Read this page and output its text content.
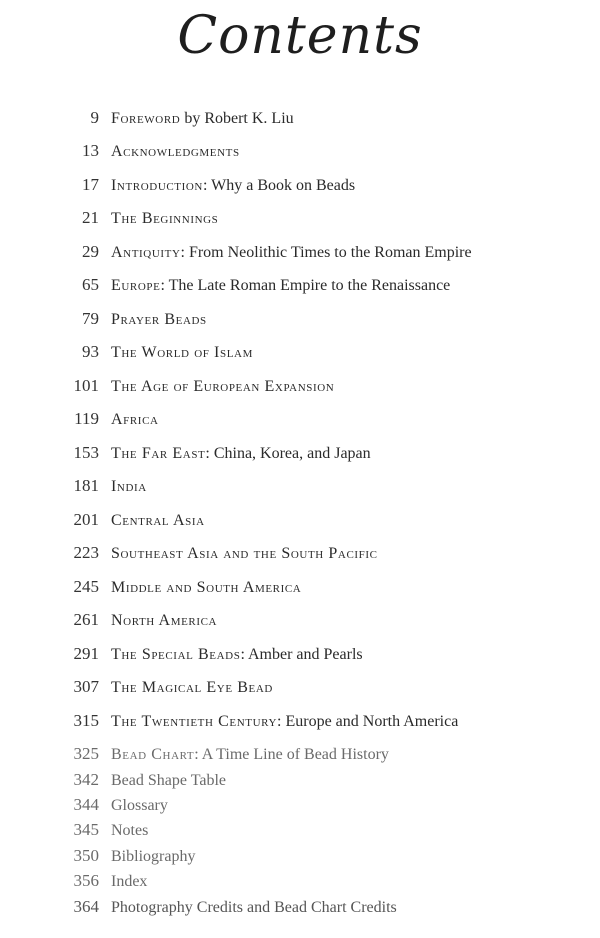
Contents
9 Foreword by Robert K. Liu
13 Acknowledgments
17 Introduction: Why a Book on Beads
21 The Beginnings
29 Antiquity: From Neolithic Times to the Roman Empire
65 Europe: The Late Roman Empire to the Renaissance
79 Prayer Beads
93 The World of Islam
101 The Age of European Expansion
119 Africa
153 The Far East: China, Korea, and Japan
181 India
201 Central Asia
223 Southeast Asia and the South Pacific
245 Middle and South America
261 North America
291 The Special Beads: Amber and Pearls
307 The Magical Eye Bead
315 The Twentieth Century: Europe and North America
325 Bead Chart: A Time Line of Bead History
342 Bead Shape Table
344 Glossary
345 Notes
350 Bibliography
356 Index
364 Photography Credits and Bead Chart Credits
